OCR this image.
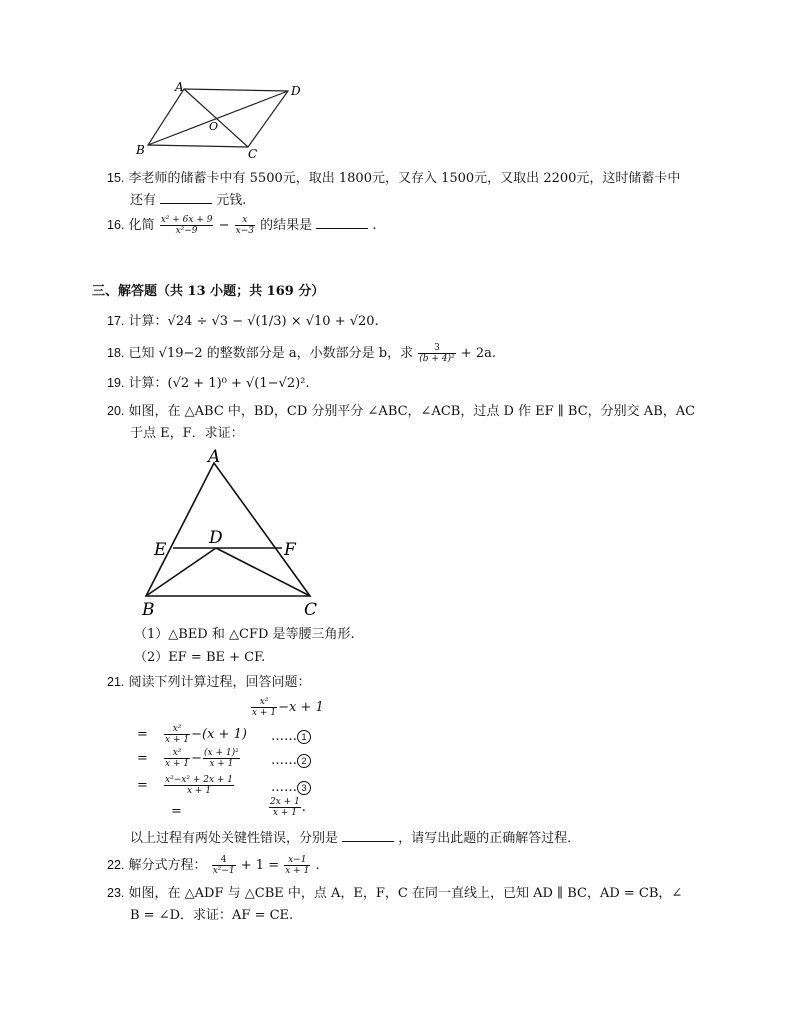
A	D
B	C
O
15. 李老师的储蓄卡中有 5500元，取出 1800元，又存入 1500元，又取出 2200元，这时储蓄卡中
还有	元钱.
16. 化简 $\frac{\text{x² + 6x + 9}}{\text{x²−9}} - \frac{x}{x-3}$ 的结果是	.
三、解答题（共 13 小题；共 169 分）
17. 计算：√24 ÷ √3 − √(1/3) × √10 + √20.
18. 已知 √19−2 的整数部分是 a，小数部分是 b，求 $\frac{3}{\text{(b + 4)²}} + 2a$.
19. 计算：(√2 + 1)⁰ + √(1−√2)².
20. 如图，在 △ABC 中，BD，CD 分别平分 ∠ABC，∠ACB，过点 D 作 EF ∥ BC，分别交 AB，AC
于点 E，F．求证：
A
E
D
F
B	C
（1）△BED 和 △CFD 是等腰三角形.
（2）EF = BE + CF.
21. 阅读下列计算过程，回答问题：
$\frac{\text{x²}}{x + 1} -x + 1$
= $\frac{\text{x²}}{x + 1} -(x + 1)$ …… 1
= $\frac{\text{x²}}{x + 1} - \frac{\text{(x + 1)²}}{x + 1}$ …… 2
= $\frac{\text{x²−x² + 2x + 1}}{x + 1}$	…… 3
=	$\frac{2x + 1}{x + 1}$ .
以上过程有两处关键性错误，分别是	，请写出此题的正确解答过程．
22. 解分式方程： $\frac{4}{\text{x²−1}} + 1 = \frac{x-1}{x + 1}$ .
23. 如图，在 △ADF 与 △CBE 中，点 A，E，F，C 在同一直线上，已知 AD ∥ BC，AD = CB，∠
B = ∠D．求证：AF = CE.
